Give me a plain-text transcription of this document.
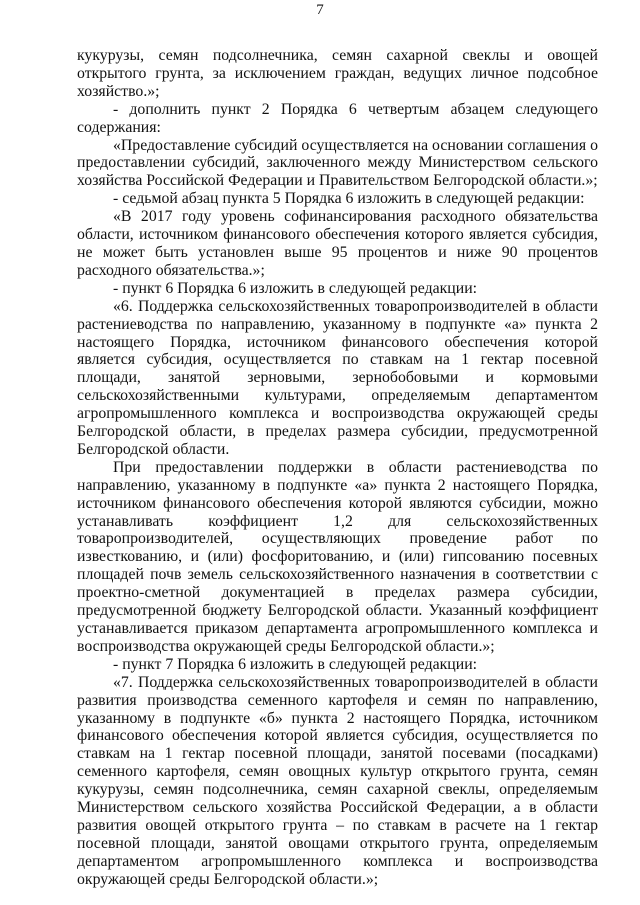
7

кукурузы, семян подсолнечника, семян сахарной свеклы и овощей открытого грунта, за исключением граждан, ведущих личное подсобное хозяйство.»;

- дополнить пункт 2 Порядка 6 четвертым абзацем следующего содержания:

«Предоставление субсидий осуществляется на основании соглашения о предоставлении субсидий, заключенного между Министерством сельского хозяйства Российской Федерации и Правительством Белгородской области.»;

- седьмой абзац пункта 5 Порядка 6 изложить в следующей редакции:

«В 2017 году уровень софинансирования расходного обязательства области, источником финансового обеспечения которого является субсидия, не может быть установлен выше 95 процентов и ниже 90 процентов расходного обязательства.»;

- пункт 6 Порядка 6 изложить в следующей редакции:

«6. Поддержка сельскохозяйственных товаропроизводителей в области растениеводства по направлению, указанному в подпункте «а» пункта 2 настоящего Порядка, источником финансового обеспечения которой является субсидия, осуществляется по ставкам на 1 гектар посевной площади, занятой зерновыми, зернобобовыми и кормовыми сельскохозяйственными культурами, определяемым департаментом агропромышленного комплекса и воспроизводства окружающей среды Белгородской области, в пределах размера субсидии, предусмотренной Белгородской области.

При предоставлении поддержки в области растениеводства по направлению, указанному в подпункте «а» пункта 2 настоящего Порядка, источником финансового обеспечения которой являются субсидии, можно устанавливать коэффициент 1,2 для сельскохозяйственных товаропроизводителей, осуществляющих проведение работ по известкованию, и (или) фосфоритованию, и (или) гипсованию посевных площадей почв земель сельскохозяйственного назначения в соответствии с проектно-сметной документацией в пределах размера субсидии, предусмотренной бюджету Белгородской области. Указанный коэффициент устанавливается приказом департамента агропромышленного комплекса и воспроизводства окружающей среды Белгородской области.»;

- пункт 7 Порядка 6 изложить в следующей редакции:

«7. Поддержка сельскохозяйственных товаропроизводителей в области развития производства семенного картофеля и семян по направлению, указанному в подпункте «б» пункта 2 настоящего Порядка, источником финансового обеспечения которой является субсидия, осуществляется по ставкам на 1 гектар посевной площади, занятой посевами (посадками) семенного картофеля, семян овощных культур открытого грунта, семян кукурузы, семян подсолнечника, семян сахарной свеклы, определяемым Министерством сельского хозяйства Российской Федерации, а в области развития овощей открытого грунта – по ставкам в расчете на 1 гектар посевной площади, занятой овощами открытого грунта, определяемым департаментом агропромышленного комплекса и воспроизводства окружающей среды Белгородской области.»;
